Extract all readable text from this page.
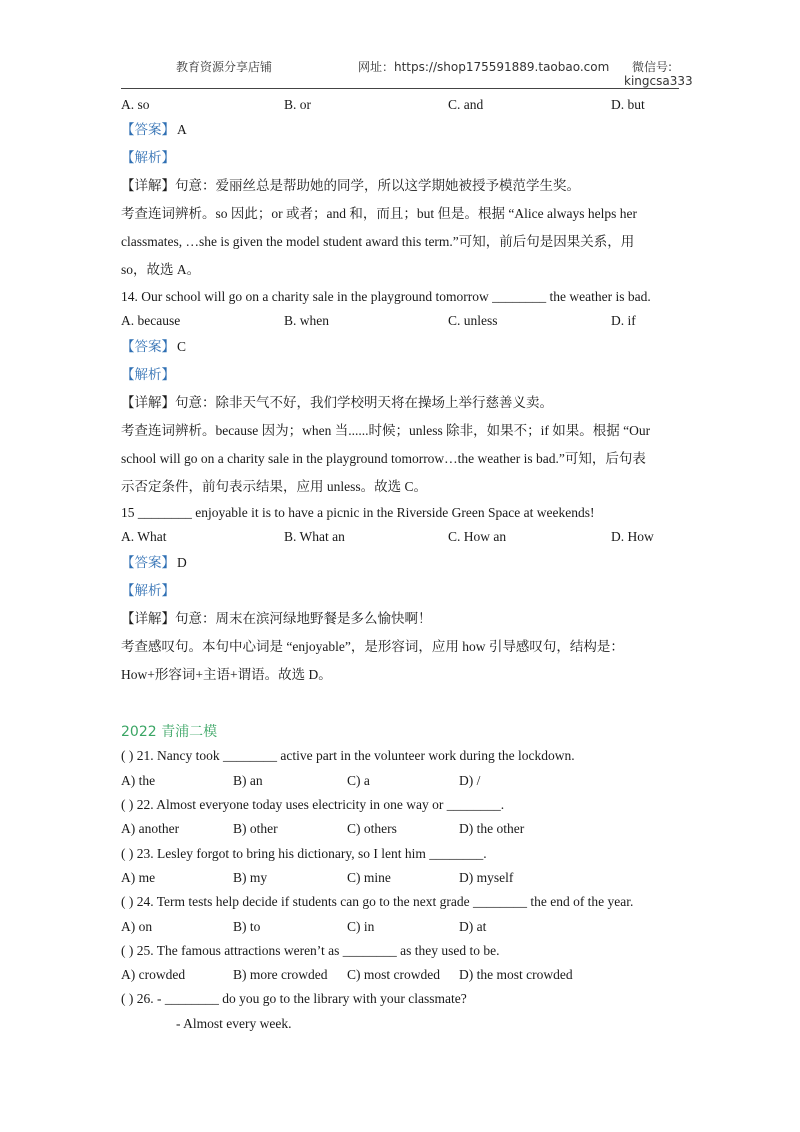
教育资源分享店铺	网址：https://shop175591889.taobao.com 微信号:
kingcsa333
A. so	B. or	C. and	D. but
【答案】 A
【解析】
【详解】句意：爱丽丝总是帮助她的同学，所以这学期她被授予模范学生奖。
考查连词辨析。so 因此；or 或者；and 和，而且；but 但是。根据 “Alice always helps her
classmates, …she is given the model student award this term.”可知，前后句是因果关系，用
so，故选 A。
14. Our school will go on a charity sale in the playground tomorrow ________ the weather is bad.
A. because	B. when	C. unless	D. if
【答案】 C
【解析】
【详解】句意：除非天气不好，我们学校明天将在操场上举行慈善义卖。
考查连词辨析。because 因为；when 当......时候；unless 除非，如果不；if 如果。根据 “Our
school will go on a charity sale in the playground tomorrow…the weather is bad.”可知，后句表
示否定条件，前句表示结果，应用 unless。故选 C。
15 ________ enjoyable it is to have a picnic in the Riverside Green Space at weekends!
A. What	B. What an	C. How an	D. How
【答案】 D
【解析】
【详解】句意：周末在滨河绿地野餐是多么愉快啊！
考查感叹句。本句中心词是 “enjoyable”，是形容词，应用 how 引导感叹句，结构是：
How+形容词+主语+谓语。故选 D。
2022 青浦二模
( ) 21. Nancy took ________ active part in the volunteer work during the lockdown.
A) the	B) an	C) a	D) /
( ) 22. Almost everyone today uses electricity in one way or ________.
A) another	B) other	C) others	D) the other
( ) 23. Lesley forgot to bring his dictionary, so I lent him ________.
A) me	B) my	C) mine	D) myself
( ) 24. Term tests help decide if students can go to the next grade ________ the end of the year.
A) on	B) to	C) in	D) at
( ) 25. The famous attractions weren’t as ________ as they used to be.
A) crowded	B) more crowded C) most crowded D) the most crowded
( ) 26. - ________ do you go to the library with your classmate?
- Almost every week.
